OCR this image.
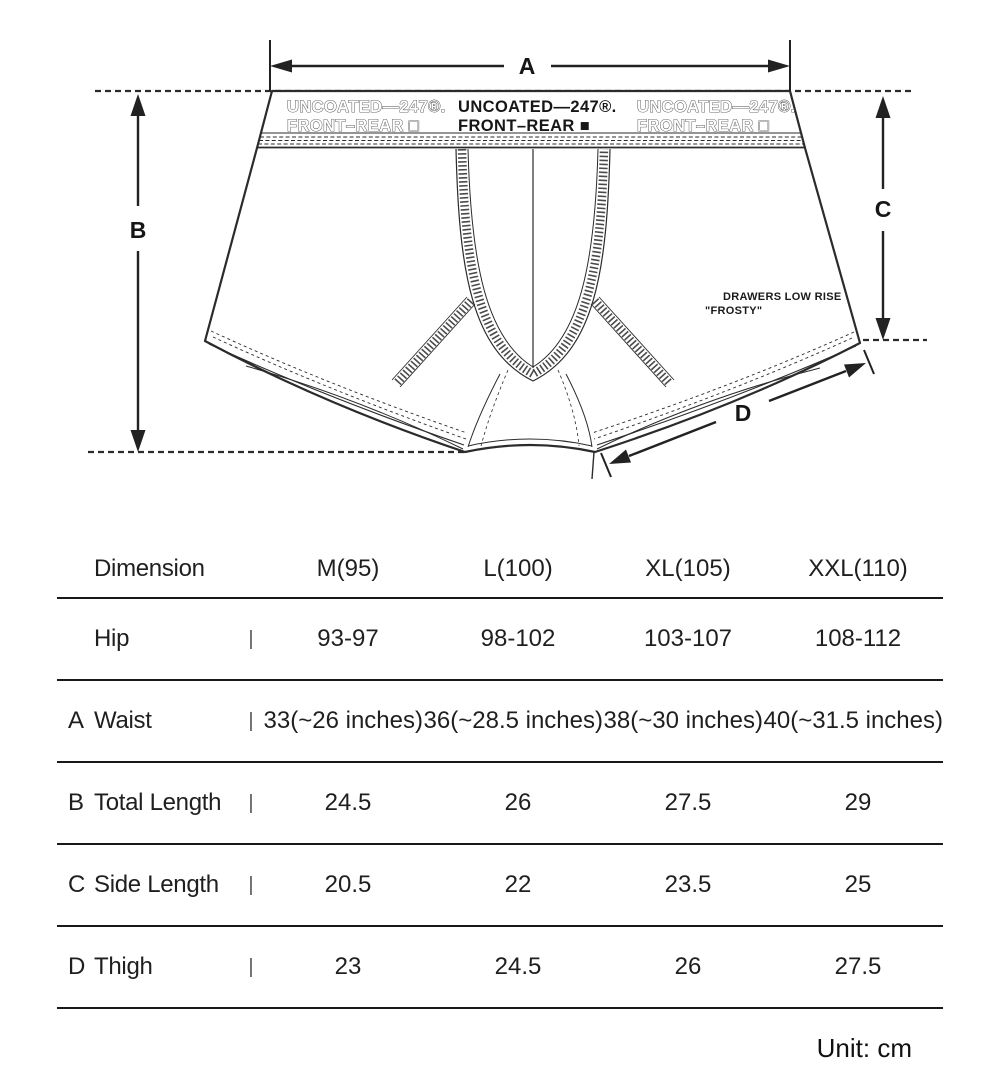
UNCOATED—247®.
FRONT–REAR □
UNCOATED—247®.
FRONT–REAR ■
UNCOATED—247®.
FRONT–REAR □
DRAWERS LOW RISE
"FROSTY"
A
B
C
D
Dimension	M(95)	L(100)	XL(105)	XXL(110)
Hip	|	93-97	98-102	103-107	108-112
A Waist	| 33(~26 inches) 36(~28.5 inches) 38(~30 inches) 40(~31.5 inches)
B Total Length	|	24.5	26	27.5	29
C Side Length	|	20.5	22	23.5	25
D Thigh	|	23	24.5	26	27.5
Unit: cm
